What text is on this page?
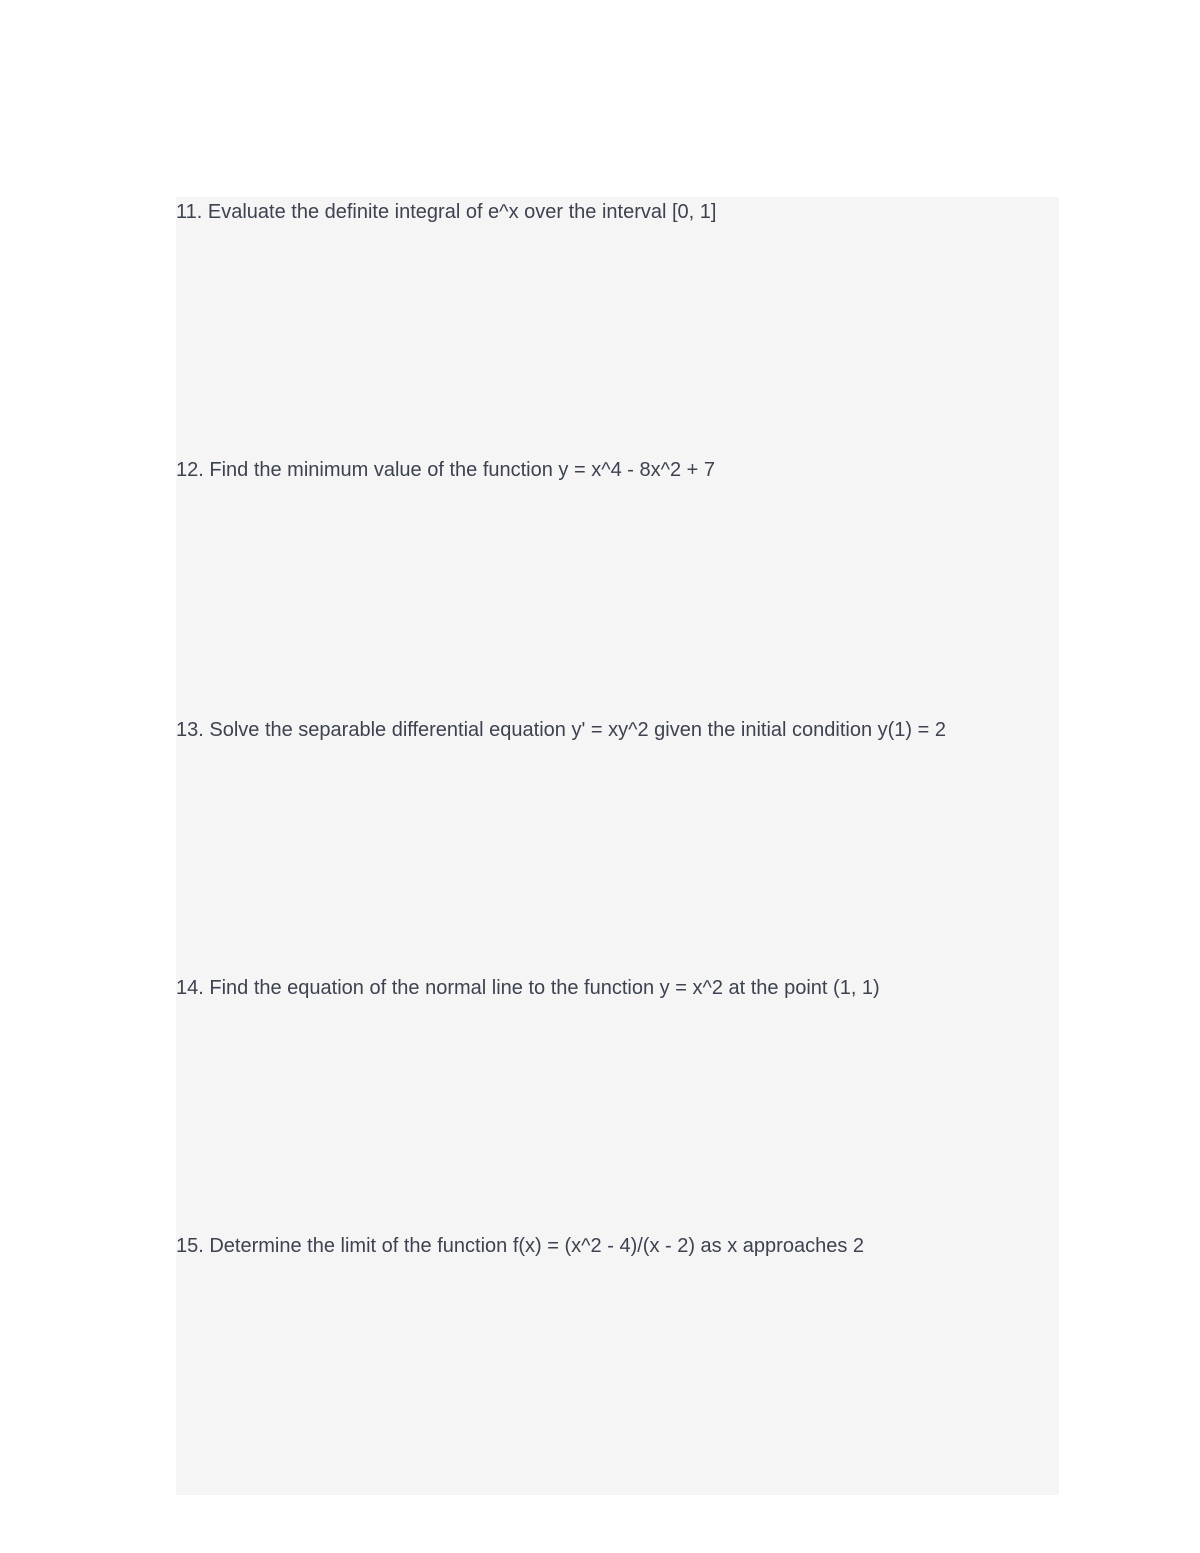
11. Evaluate the definite integral of e^x over the interval [0, 1]

12. Find the minimum value of the function y = x^4 - 8x^2 + 7

13. Solve the separable differential equation y' = xy^2 given the initial condition y(1) = 2

14. Find the equation of the normal line to the function y = x^2 at the point (1, 1)

15. Determine the limit of the function f(x) = (x^2 - 4)/(x - 2) as x approaches 2
